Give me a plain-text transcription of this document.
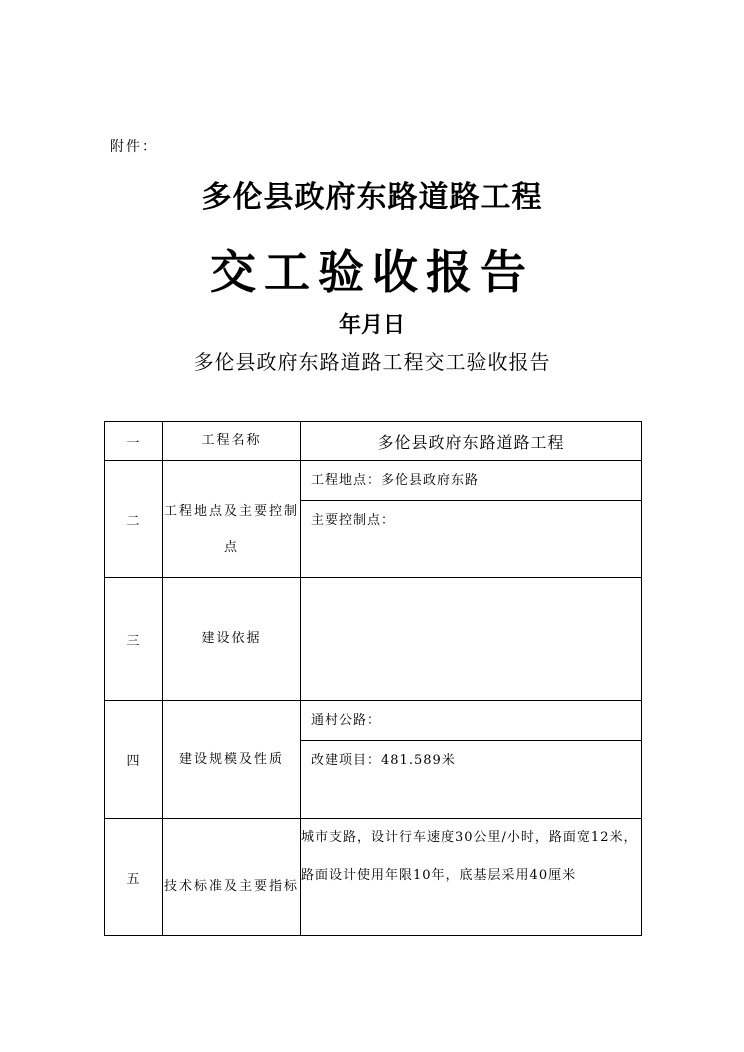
附件：
多伦县政府东路道路工程
交工验收报告
年月日
多伦县政府东路道路工程交工验收报告
一	工程名称	多伦县政府东路道路工程
二	工程地点及主要控制点	工程地点：多伦县政府东路
主要控制点：

三	建设依据	
四	建设规模及性质	通村公路：
改建项目：481.589米

五	技术标准及主要指标	城市支路，设计行车速度30公里/小时，路面宽12米，路面设计使用年限10年，底基层采用40厘米
